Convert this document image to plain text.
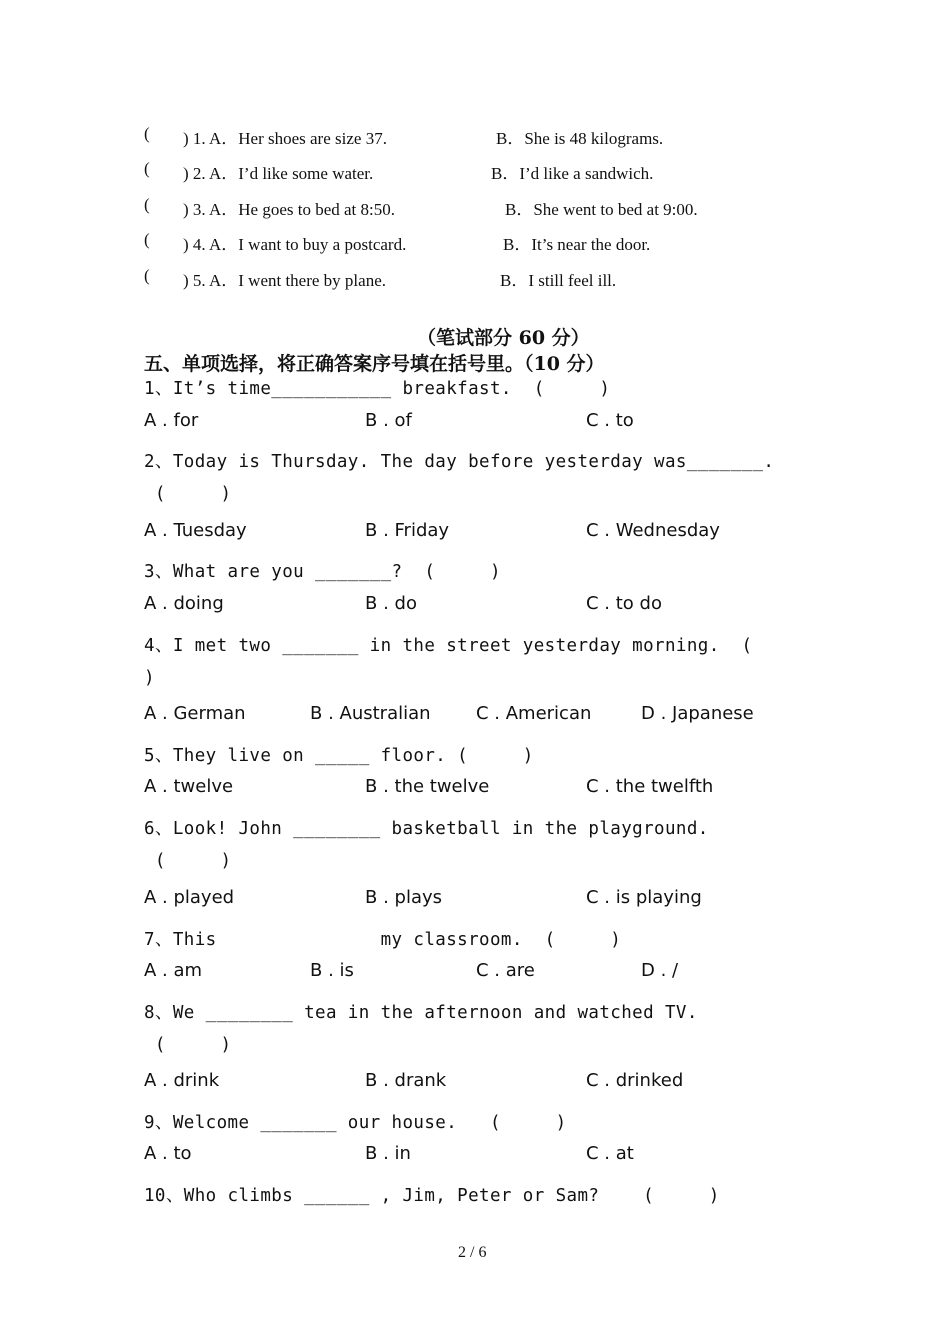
( ) 1. A．Her shoes are size 37.	B．She is 48 kilograms.
( ) 2. A．I’d like some water.	B．I’d like a sandwich.
( ) 3. A．He goes to bed at 8:50.	B．She went to bed at 9:00.
( ) 4. A．I want to buy a postcard.	B．It’s near the door.
( ) 5. A．I went there by plane.	B．I still feel ill.
（笔试部分 60 分）
五、单项选择，将正确答案序号填在括号里。（10 分）
1、It’s time___________ breakfast.  (     )
A . for	B . of	C . to
2、Today is Thursday. The day before yesterday was_______.
(     )
A . Tuesday	B . Friday	C . Wednesday
3、What are you _______?  (     )
A . doing	B . do	C . to do
4、I met two _______ in the street yesterday morning.  (
)
A . German	B . Australian	C . American	D . Japanese
5、They live on _____ floor. (     )
A . twelve	B . the twelve	C . the twelfth
6、Look! John ________ basketball in the playground.
(     )
A . played	B . plays	C . is playing
7、This               my classroom.  (     )
A . am	B . is	C . are	D . /
8、We ________ tea in the afternoon and watched TV.
(     )
A . drink	B . drank	C . drinked
9、Welcome _______ our house.   (     )
A . to	B . in	C . at
10、Who climbs ______ , Jim, Peter or Sam?    (     )
2 / 6
